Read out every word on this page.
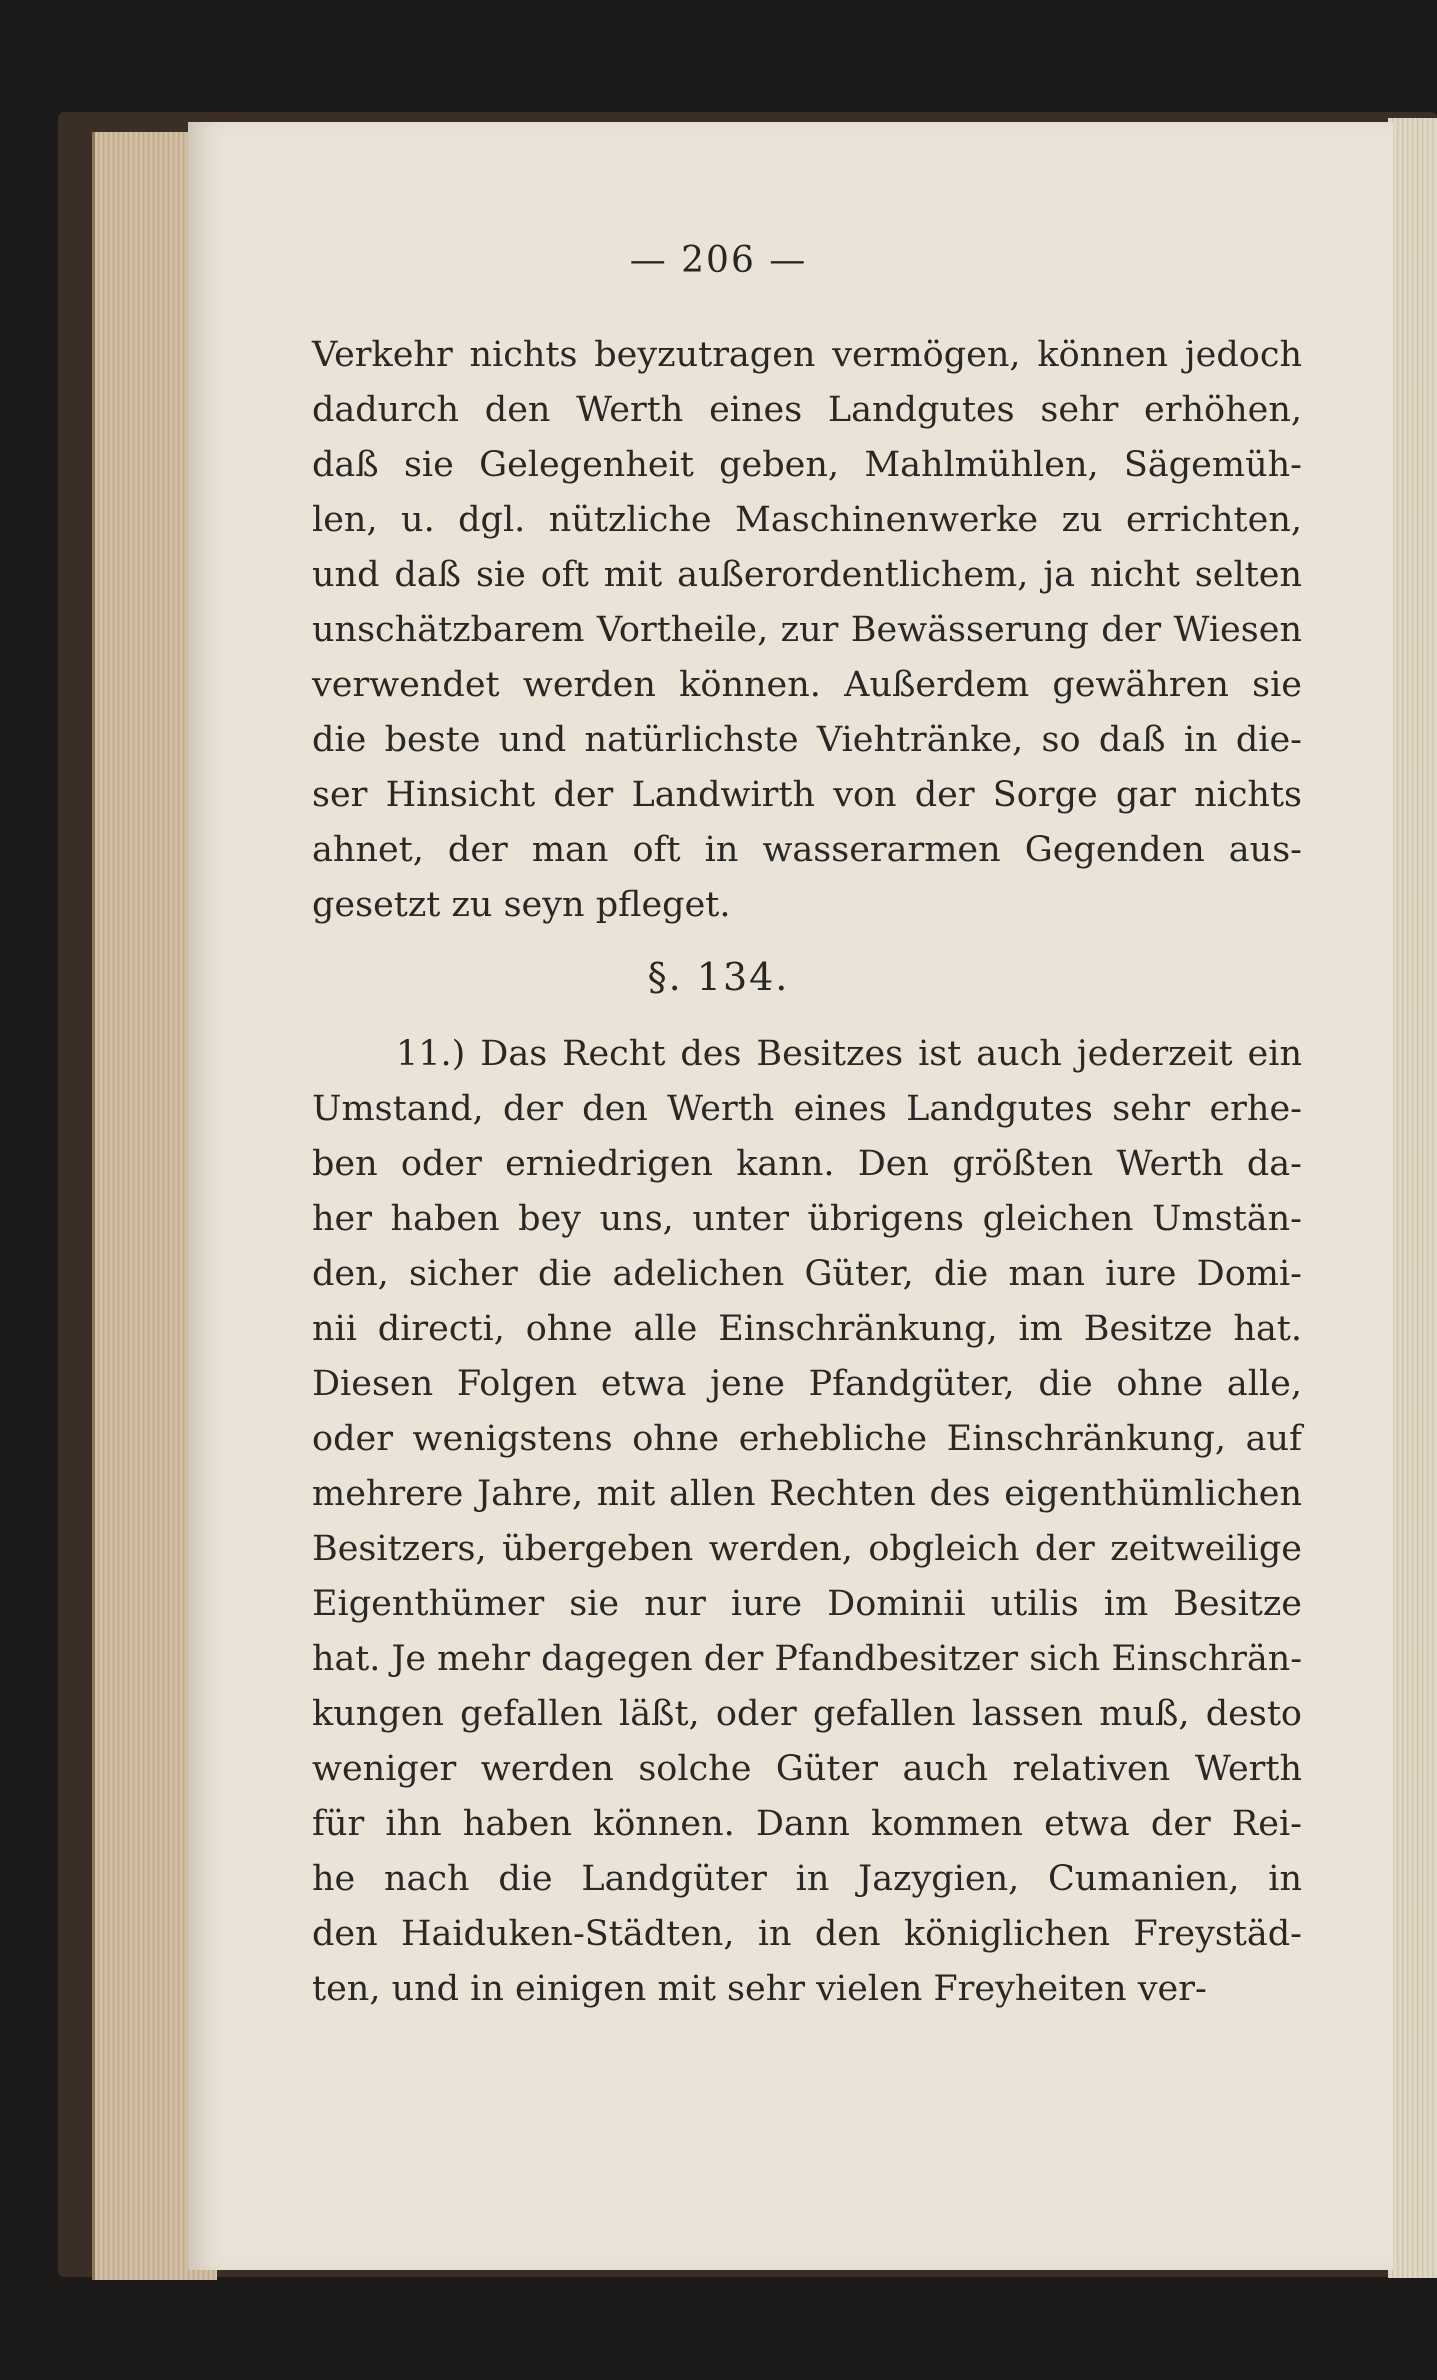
— 206 —
Verkehr nichts beyzutragen vermögen, können jedoch
dadurch den Werth eines Landgutes sehr erhöhen,
daß sie Gelegenheit geben, Mahlmühlen, Sägemüh-
len, u. dgl. nützliche Maschinenwerke zu errichten,
und daß sie oft mit außerordentlichem, ja nicht selten
unschätzbarem Vortheile, zur Bewässerung der Wiesen
verwendet werden können. Außerdem gewähren sie
die beste und natürlichste Viehtränke, so daß in die-
ser Hinsicht der Landwirth von der Sorge gar nichts
ahnet, der man oft in wasserarmen Gegenden aus-
gesetzt zu seyn pfleget.
§. 134.
11.) Das Recht des Besitzes ist auch jederzeit ein
Umstand, der den Werth eines Landgutes sehr erhe-
ben oder erniedrigen kann. Den größten Werth da-
her haben bey uns, unter übrigens gleichen Umstän-
den, sicher die adelichen Güter, die man iure Domi-
nii directi, ohne alle Einschränkung, im Besitze hat.
Diesen Folgen etwa jene Pfandgüter, die ohne alle,
oder wenigstens ohne erhebliche Einschränkung, auf
mehrere Jahre, mit allen Rechten des eigenthümlichen
Besitzers, übergeben werden, obgleich der zeitweilige
Eigenthümer sie nur iure Dominii utilis im Besitze
hat. Je mehr dagegen der Pfandbesitzer sich Einschrän-
kungen gefallen läßt, oder gefallen lassen muß, desto
weniger werden solche Güter auch relativen Werth
für ihn haben können. Dann kommen etwa der Rei-
he nach die Landgüter in Jazygien, Cumanien, in
den Haiduken-Städten, in den königlichen Freystäd-
ten, und in einigen mit sehr vielen Freyheiten ver-
